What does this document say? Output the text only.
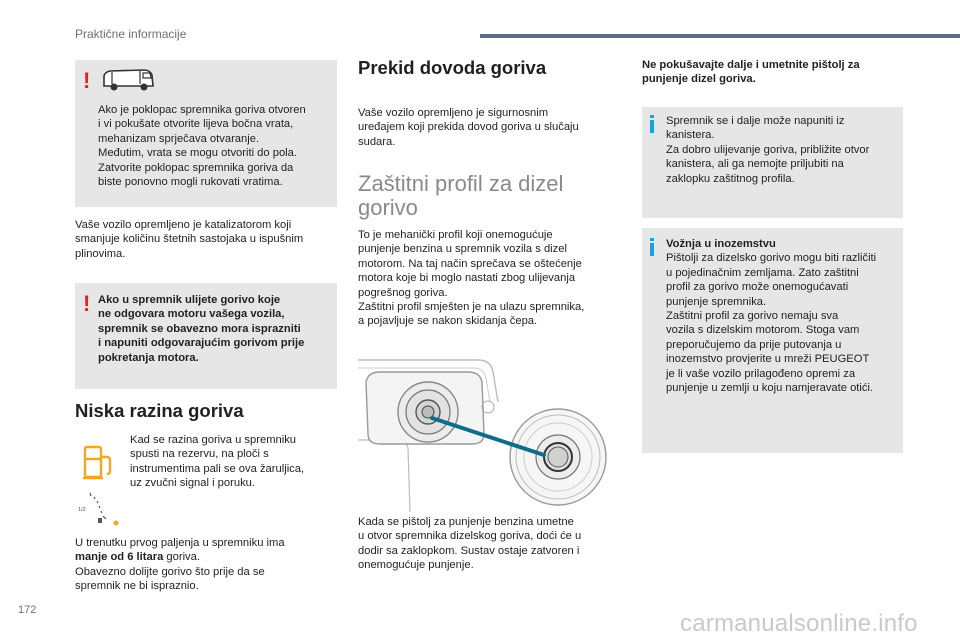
Praktične informacije
!
Ako je poklopac spremnika goriva otvoren
i vi pokušate otvorite lijeva bočna vrata,
mehanizam sprječava otvaranje.
Međutim, vrata se mogu otvoriti do pola.
Zatvorite poklopac spremnika goriva da
biste ponovno mogli rukovati vratima.
Vaše vozilo opremljeno je katalizatorom koji
smanjuje količinu štetnih sastojaka u ispušnim
plinovima.
! Ako u spremnik ulijete gorivo koje
ne odgovara motoru vašega vozila,
spremnik se obavezno mora isprazniti
i napuniti odgovarajućim gorivom prije
pokretanja motora.
Niska razina goriva
Kad se razina goriva u spremniku
spusti na rezervu, na ploči s
instrumentima pali se ova žaruljica,
uz zvučni signal i poruku.
1/2
U trenutku prvog paljenja u spremniku ima
manje od 6 litara goriva.
Obavezno dolijte gorivo što prije da se
spremnik ne bi ispraznio.
Prekid dovoda goriva
Vaše vozilo opremljeno je sigurnosnim
uređajem koji prekida dovod goriva u slučaju
sudara.
Zaštitni profil za dizel
gorivo
To je mehanički profil koji onemogućuje
punjenje benzina u spremnik vozila s dizel
motorom. Na taj način sprečava se oštećenje
motora koje bi moglo nastati zbog ulijevanja
pogrešnog goriva.
Zaštitni profil smješten je na ulazu spremnika,
a pojavljuje se nakon skidanja čepa.
Kada se pištolj za punjenje benzina umetne
u otvor spremnika dizelskog goriva, doći će u
dodir sa zaklopkom. Sustav ostaje zatvoren i
onemogućuje punjenje.
Ne pokušavajte dalje i umetnite pištolj za
punjenje dizel goriva.
Spremnik se i dalje može napuniti iz
kanistera.
Za dobro ulijevanje goriva, približite otvor
kanistera, ali ga nemojte priljubiti na
zaklopku zaštitnog profila.
Vožnja u inozemstvu
Pištolji za dizelsko gorivo mogu biti različiti
u pojedinačnim zemljama. Zato zaštitni
profil za gorivo može onemogućavati
punjenje spremnika.
Zaštitni profil za gorivo nemaju sva
vozila s dizelskim motorom. Stoga vam
preporučujemo da prije putovanja u
inozemstvo provjerite u mreži PEUGEOT
je li vaše vozilo prilagođeno opremi za
punjenje u zemlji u koju namjeravate otići.
172	carmanualsonline.info
